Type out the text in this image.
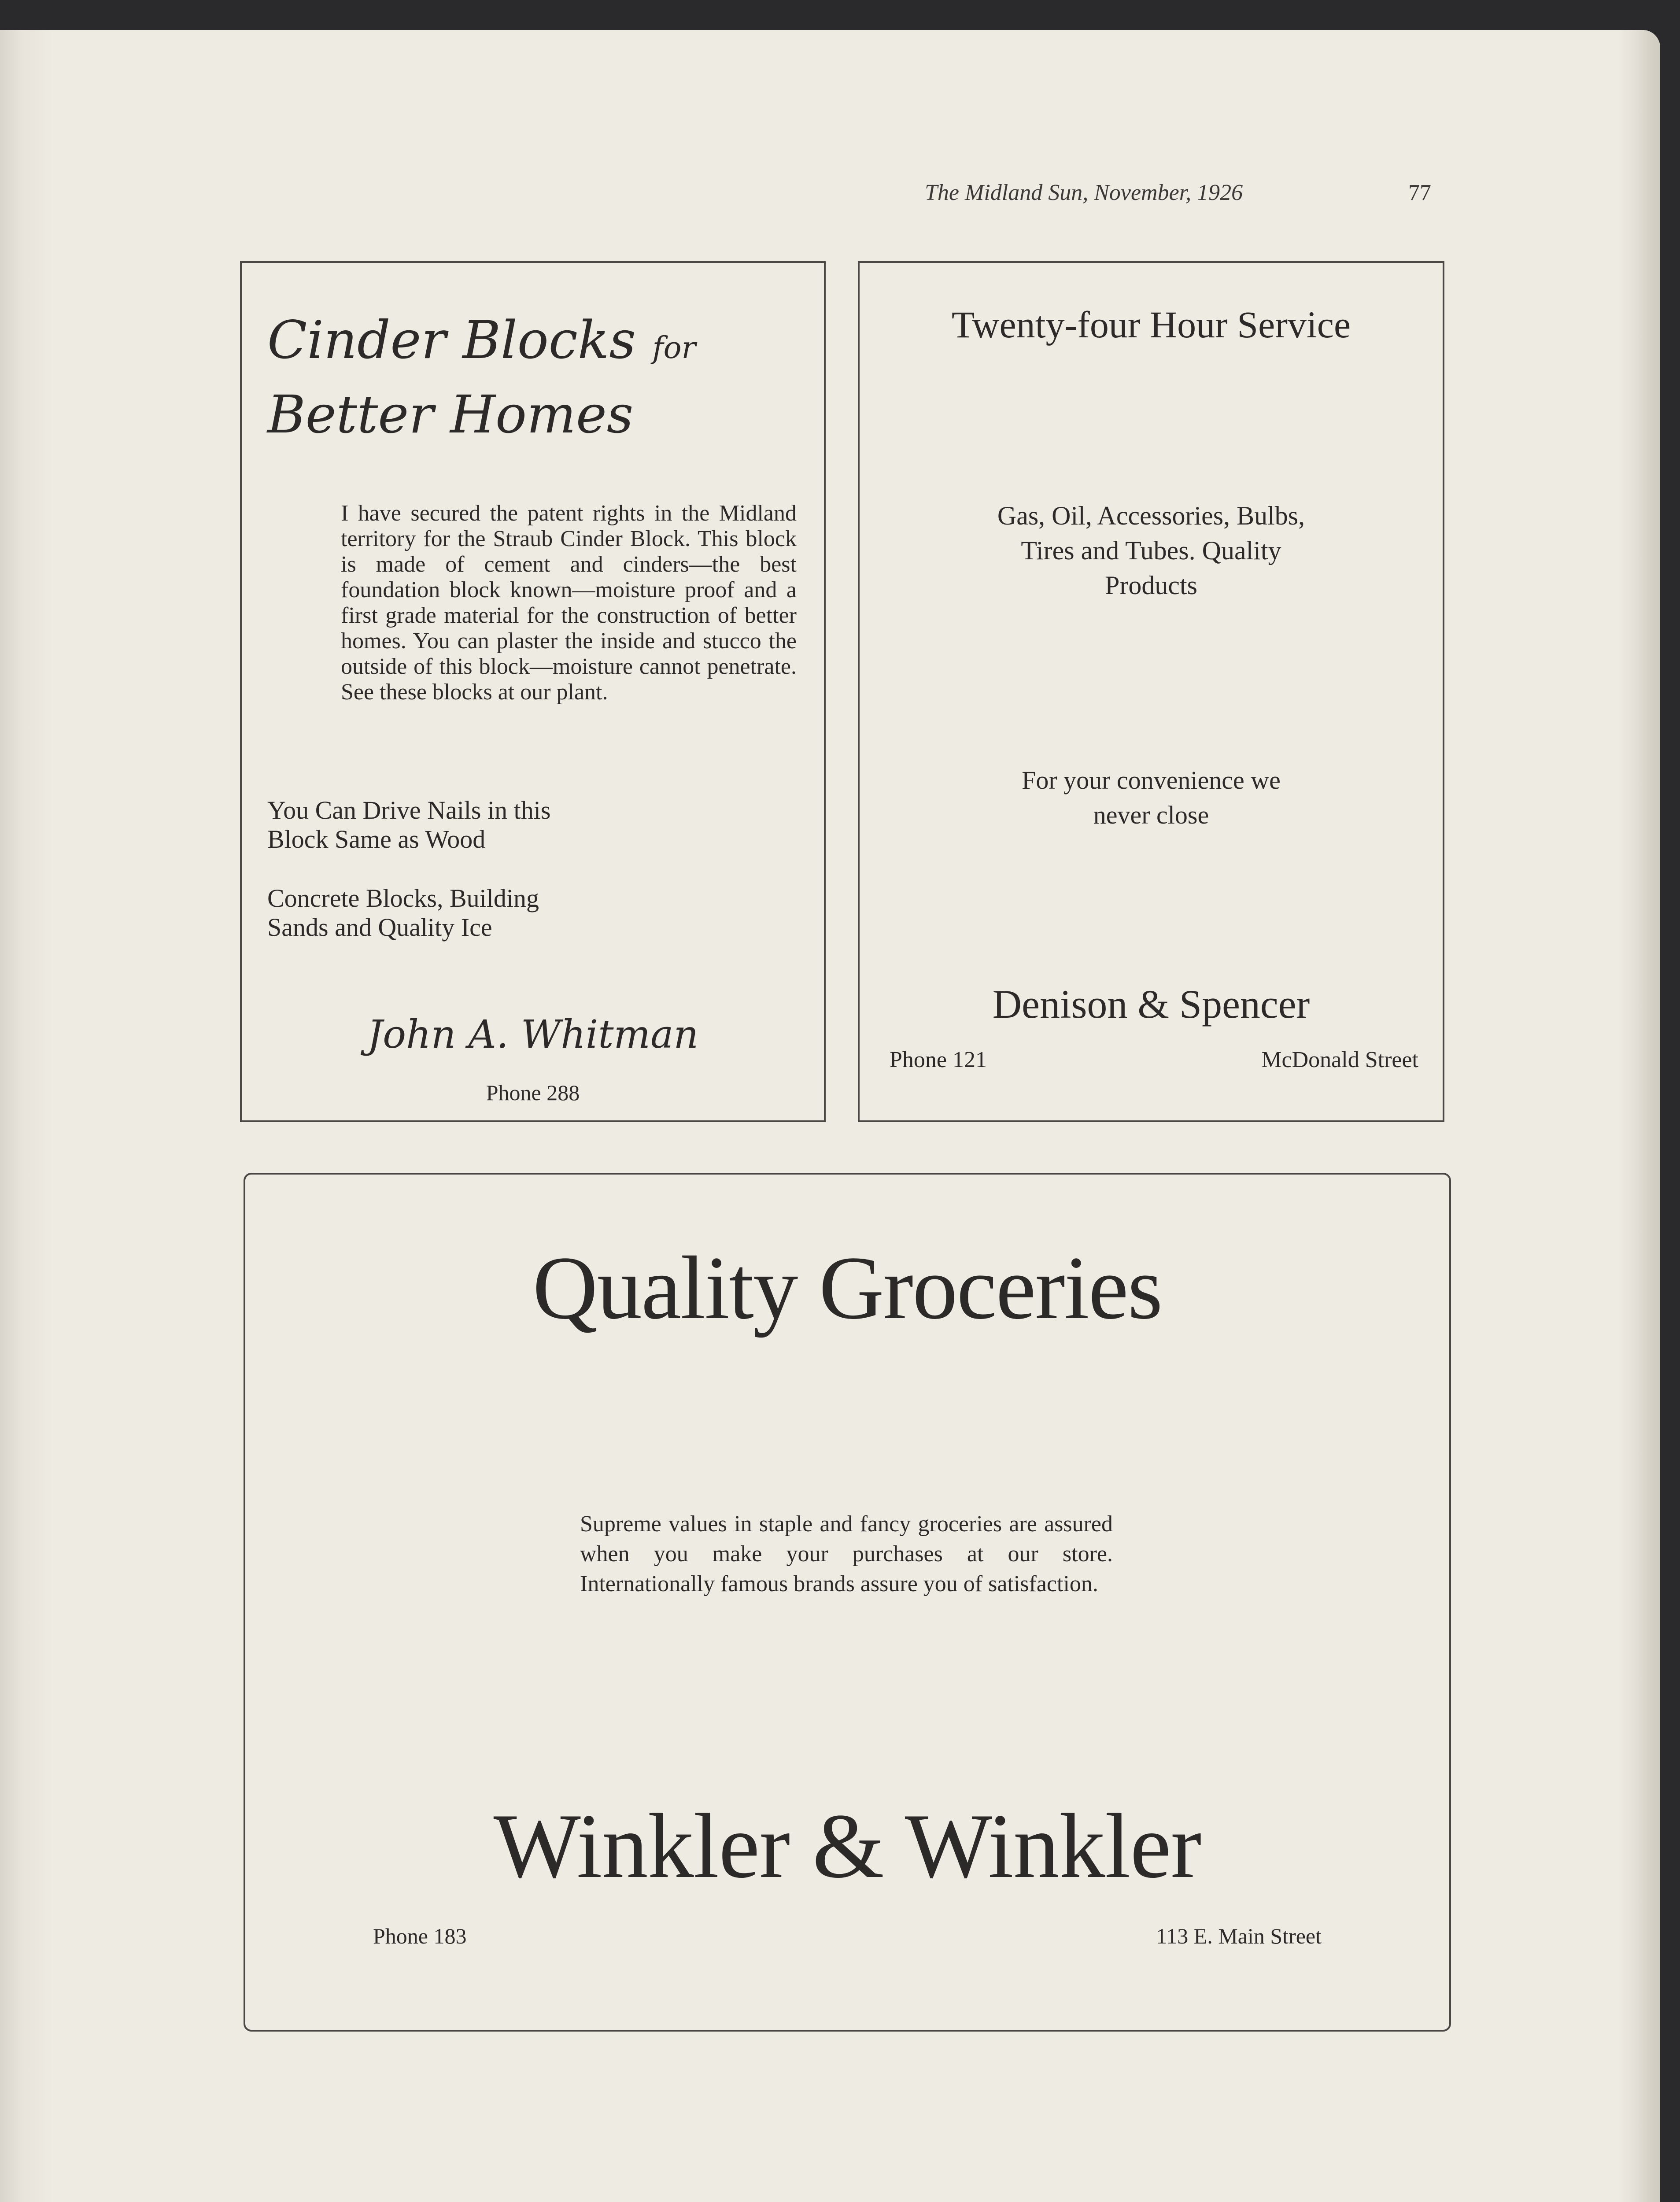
The Midland Sun, November, 1926	77
Cinder Blocks for
Better Homes

I have secured the patent rights in the Midland territory for the Straub Cinder Block. This block is made of cement and cinders—the best foundation block known—moisture proof and a first grade material for the construction of better homes. You can plaster the inside and stucco the outside of this block—moisture cannot penetrate. See these blocks at our plant.

You Can Drive Nails in this
Block Same as Wood
Concrete Blocks, Building
Sands and Quality Ice
John A. Whitman
Phone 288
Twenty-four Hour Service
Gas, Oil, Accessories, Bulbs,
Tires and Tubes. Quality
Products
For your convenience we
never close
Denison & Spencer
Phone 121	McDonald Street
Quality Groceries

Supreme values in staple and fancy groceries are assured when you make your purchases at our store. Internationally famous brands assure you of satisfaction.

Winkler & Winkler
Phone 183	113 E. Main Street
